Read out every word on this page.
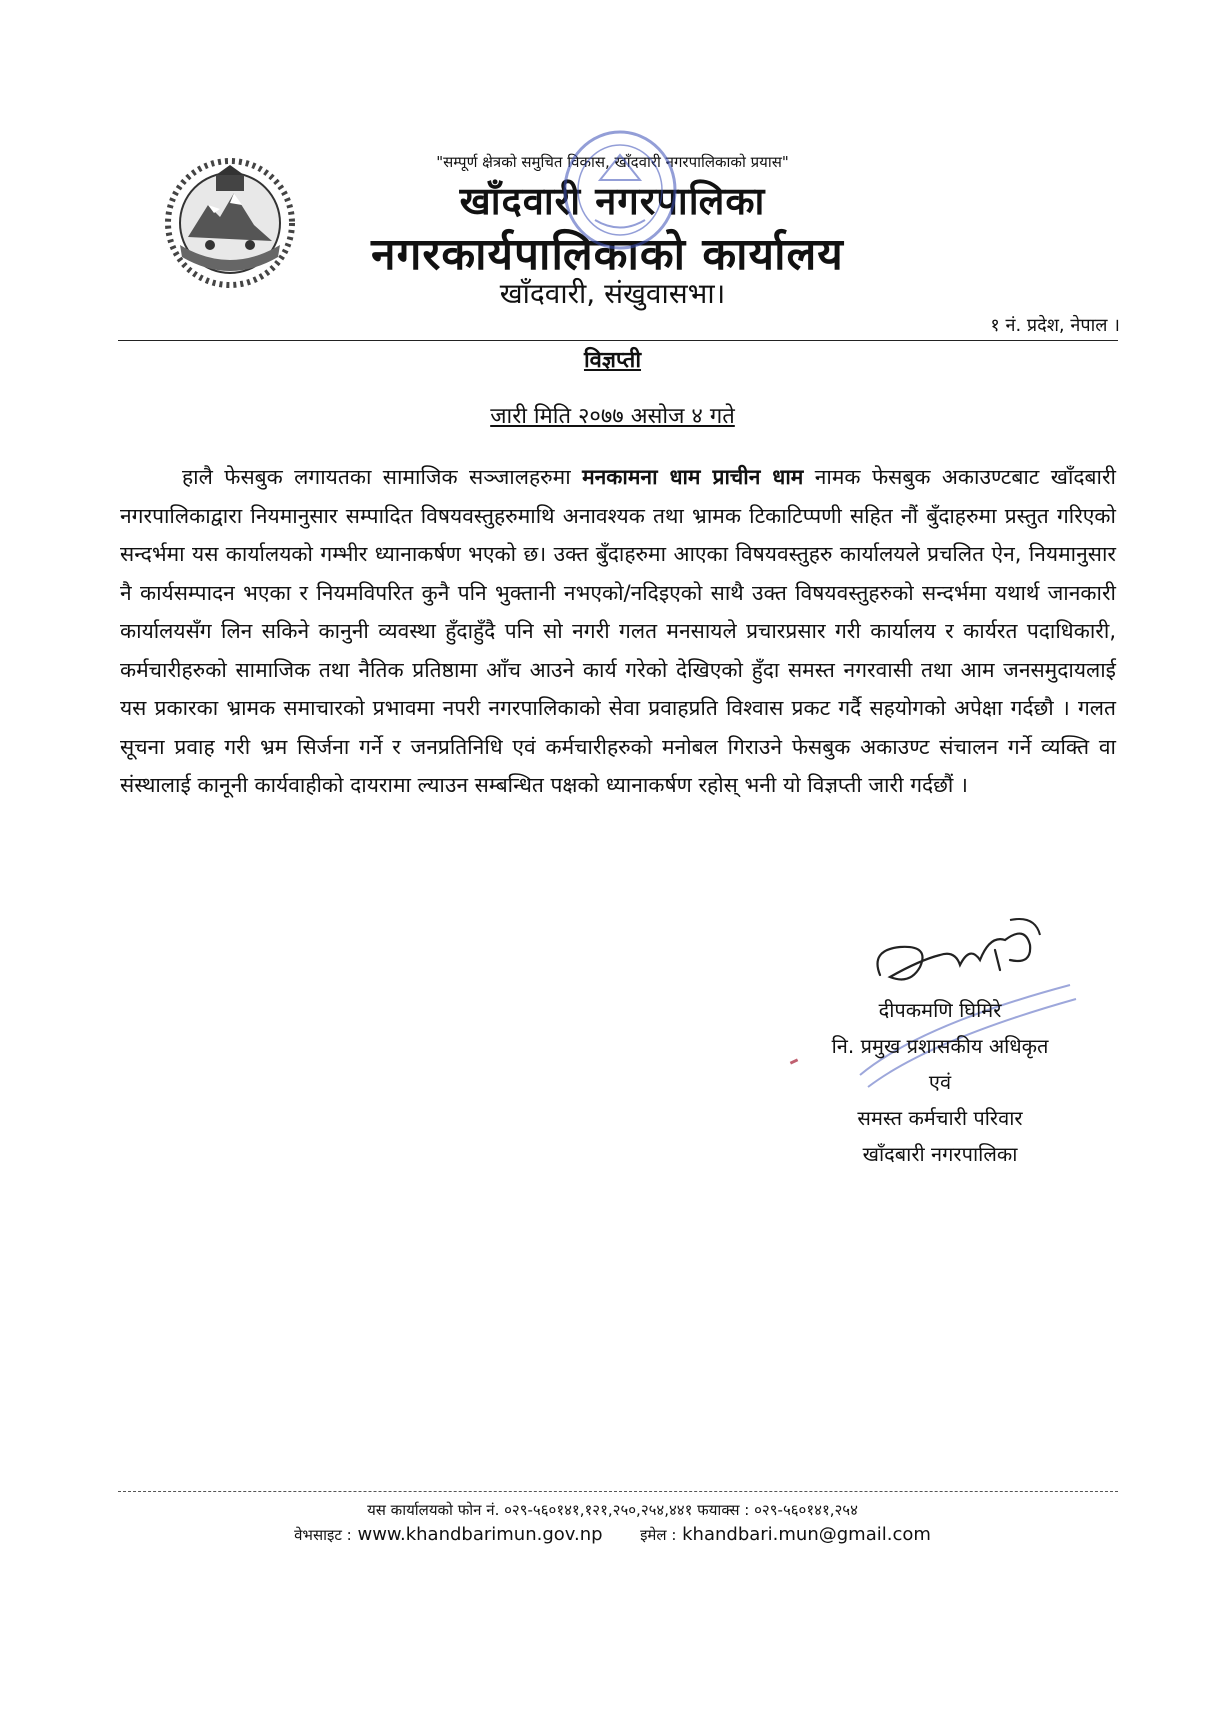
"सम्पूर्ण क्षेत्रको समुचित विकास, खाँदवारी नगरपालिकाको प्रयास"
खाँदवारी नगरपालिका
नगरकार्यपालिकाको कार्यालय
खाँदवारी, संखुवासभा।
१ नं. प्रदेश, नेपाल ।
विज्ञप्ती
जारी मिति २०७७ असोज ४ गते
हालै फेसबुक लगायतका सामाजिक सञ्जालहरुमा मनकामना धाम प्राचीन धाम नामक फेसबुक अकाउण्टबाट खाँदबारी नगरपालिकाद्वारा नियमानुसार सम्पादित विषयवस्तुहरुमाथि अनावश्यक तथा भ्रामक टिकाटिप्पणी सहित नौं बुँदाहरुमा प्रस्तुत गरिएको सन्दर्भमा यस कार्यालयको गम्भीर ध्यानाकर्षण भएको छ। उक्त बुँदाहरुमा आएका विषयवस्तुहरु कार्यालयले प्रचलित ऐन, नियमानुसार नै कार्यसम्पादन भएका र नियमविपरित कुनै पनि भुक्तानी नभएको/नदिइएको साथै उक्त विषयवस्तुहरुको सन्दर्भमा यथार्थ जानकारी कार्यालयसँग लिन सकिने कानुनी व्यवस्था हुँदाहुँदै पनि सो नगरी गलत मनसायले प्रचारप्रसार गरी कार्यालय र कार्यरत पदाधिकारी, कर्मचारीहरुको सामाजिक तथा नैतिक प्रतिष्ठामा आँच आउने कार्य गरेको देखिएको हुँदा समस्त नगरवासी तथा आम जनसमुदायलाई यस प्रकारका भ्रामक समाचारको प्रभावमा नपरी नगरपालिकाको सेवा प्रवाहप्रति विश्वास प्रकट गर्दै सहयोगको अपेक्षा गर्दछौ । गलत सूचना प्रवाह गरी भ्रम सिर्जना गर्ने र जनप्रतिनिधि एवं कर्मचारीहरुको मनोबल गिराउने फेसबुक अकाउण्ट संचालन गर्ने व्यक्ति वा संस्थालाई कानूनी कार्यवाहीको दायरामा ल्याउन सम्बन्धित पक्षको ध्यानाकर्षण रहोस् भनी यो विज्ञप्ती जारी गर्दछौं ।
दीपकमणि घिमिरे
नि. प्रमुख प्रशासकीय अधिकृत
एवं
समस्त कर्मचारी परिवार
खाँदबारी नगरपालिका
यस कार्यालयको फोन नं. ०२९-५६०१४१,१२१,२५०,२५४,४४१ फयाक्स : ०२९-५६०१४१,२५४
वेभसाइट : www.khandbarimun.gov.np इमेल : khandbari.mun@gmail.com
